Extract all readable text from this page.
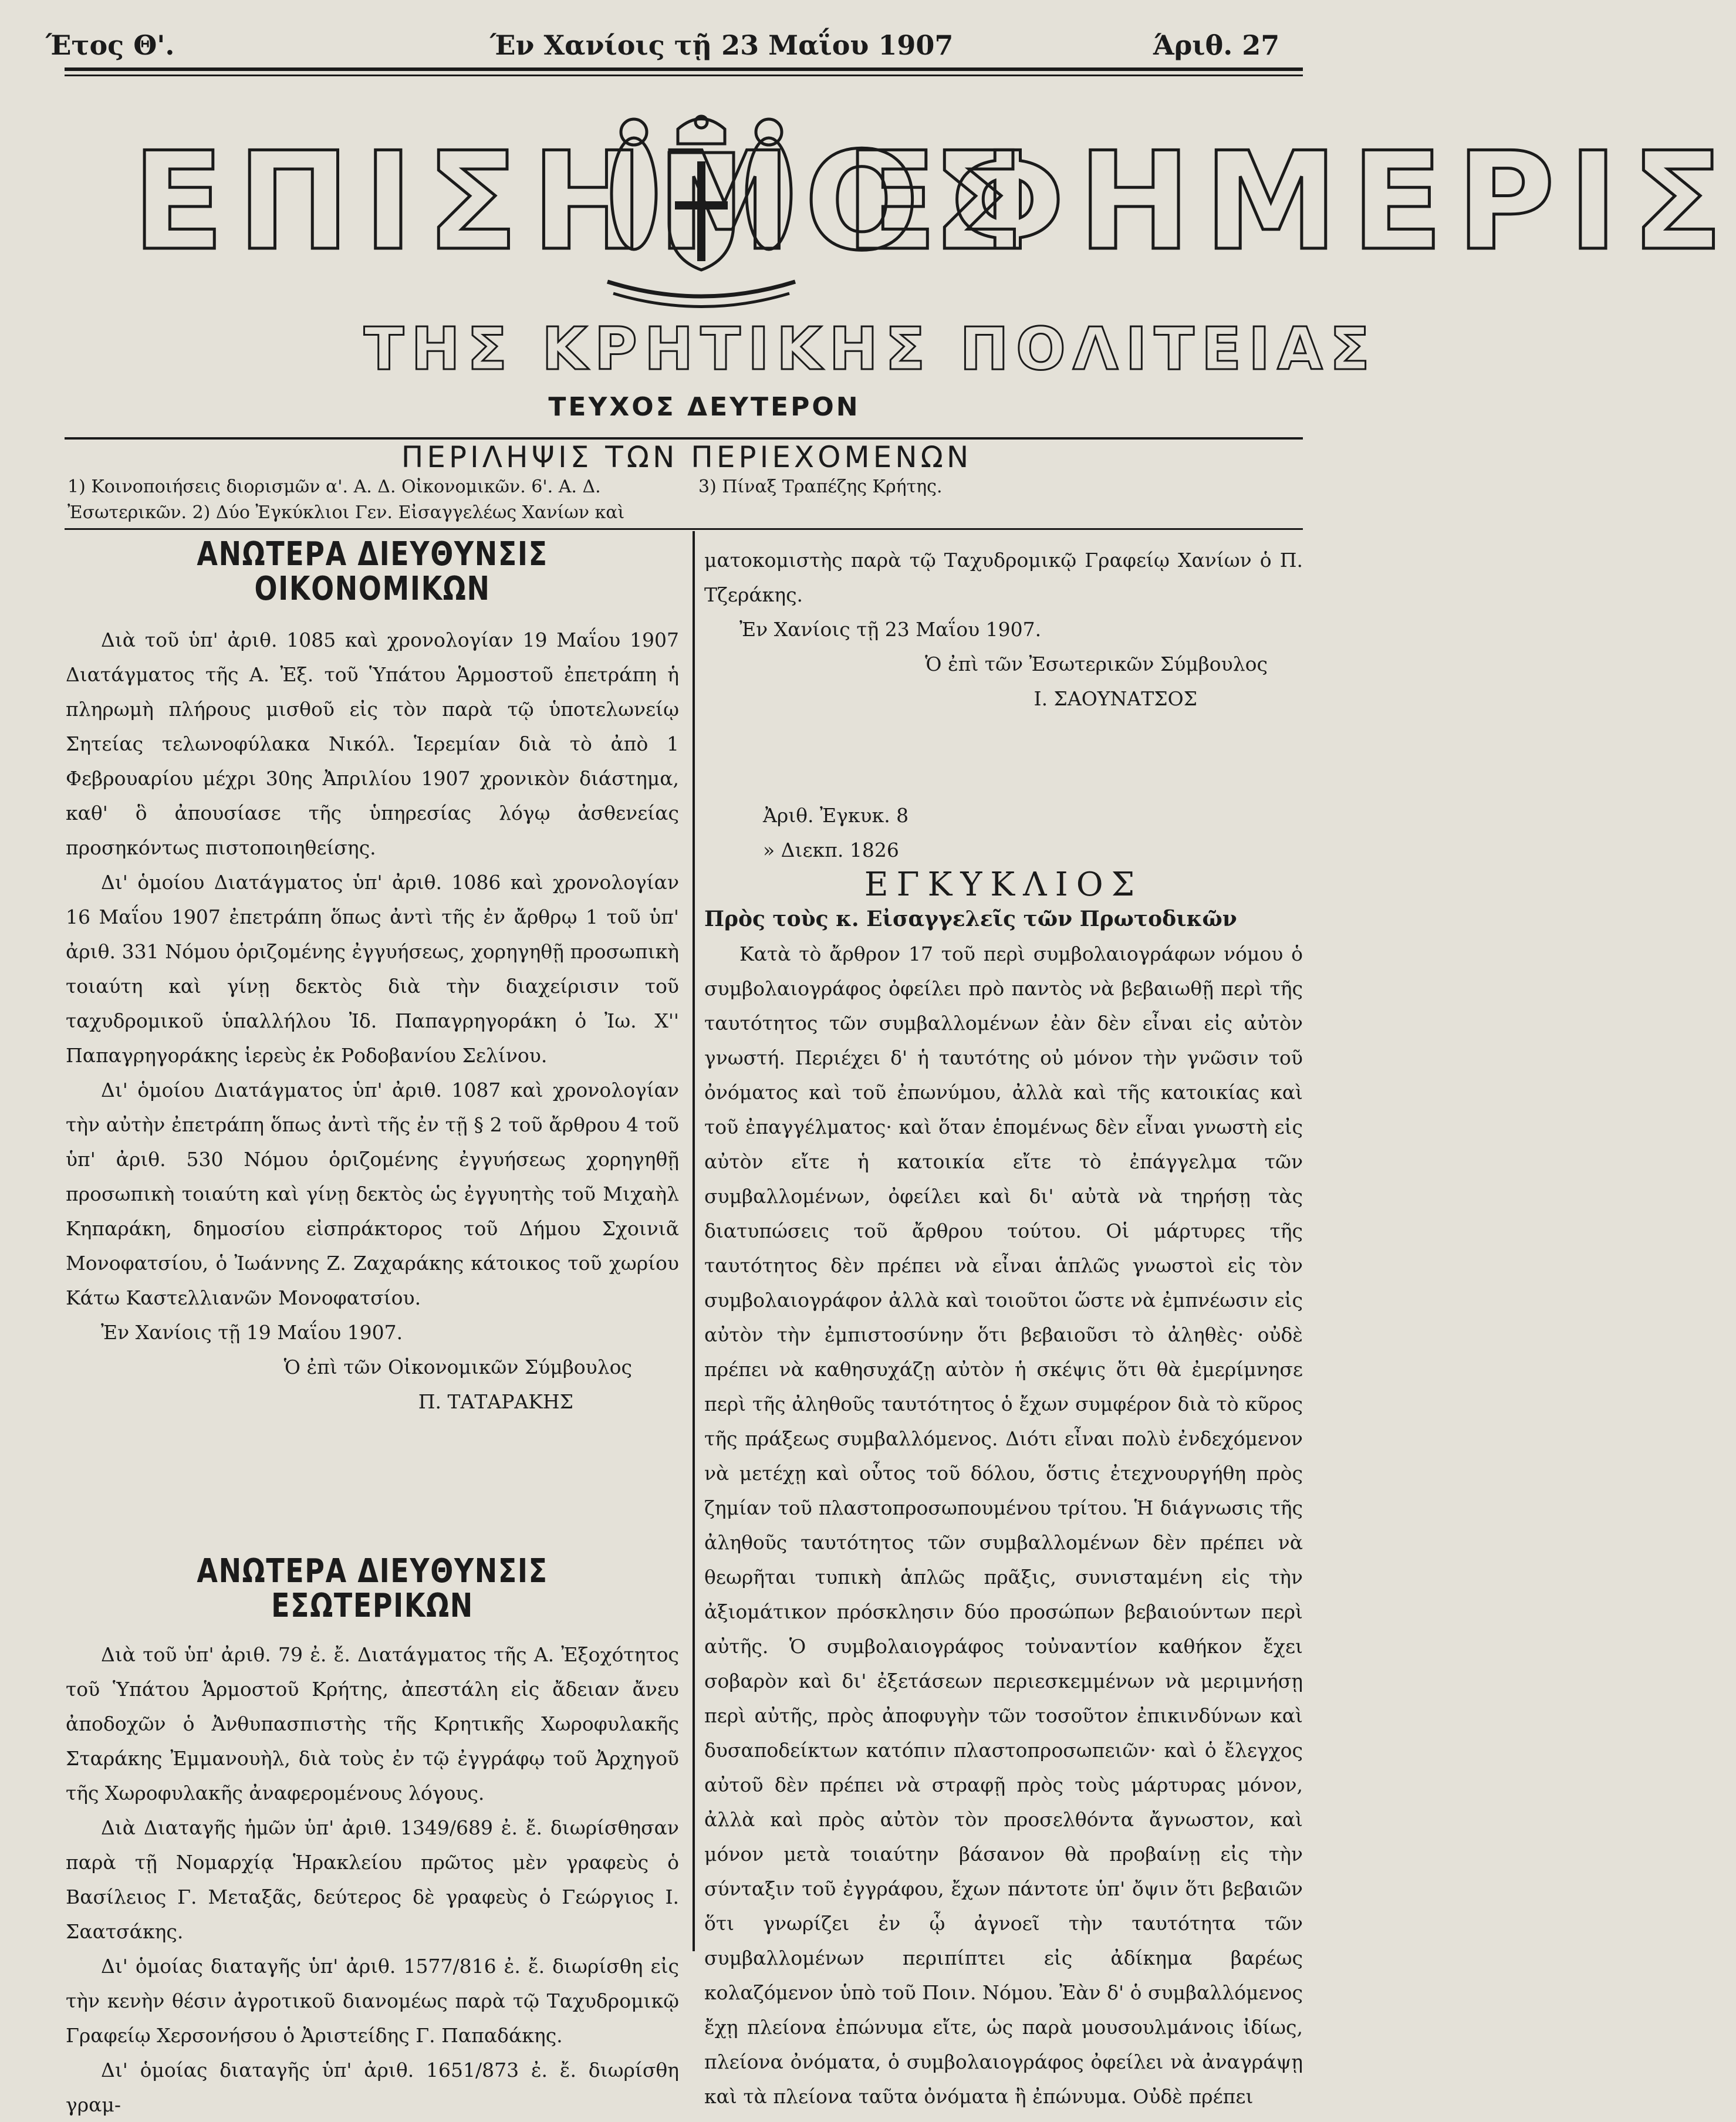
Έτος Θ'.	Έν Χανίοις τῇ 23 Μαΐου 1907	Άριθ. 27
ΕΠΙΣΗΜΟΣ
ΕΦΗΜΕΡΙΣ
ΤΗΣ ΚΡΗΤΙΚΗΣ ΠΟΛΙΤΕΙΑΣ
ΤΕΥΧΟΣ ΔΕΥΤΕΡΟΝ
ΠΕΡΙΛΗΨΙΣ ΤΩΝ ΠΕΡΙΕΧΟΜΕΝΩΝ
1) Κοινοποιήσεις διορισμῶν α'. Α. Δ. Οἰκονομικῶν. 6'. Α. Δ.
Ἐσωτερικῶν. 2) Δύο Ἐγκύκλιοι Γεν. Εἰσαγγελέως Χανίων καὶ
3) Πίναξ Τραπέζης Κρήτης.
ΑΝΩΤΕΡΑ ΔΙΕΥΘΥΝΣΙΣ ΟΙΚΟΝΟΜΙΚΩΝ

Διὰ τοῦ ὑπ' ἀριθ. 1085 καὶ χρονολογίαν 19 Μαΐου 1907 Διατάγματος τῆς Α. Ἐξ. τοῦ Ὑπάτου Ἁρμοστοῦ ἐπετράπη ἡ πληρωμὴ πλήρους μισθοῦ εἰς τὸν παρὰ τῷ ὑποτελωνείῳ Σητείας τελωνοφύλακα Νικόλ. Ἱερεμίαν διὰ τὸ ἀπὸ 1 Φεβρουαρίου μέχρι 30ης Ἀπριλίου 1907 χρονικὸν διάστημα, καθ' ὃ ἀπουσίασε τῆς ὑπηρεσίας λόγῳ ἀσθενείας προσηκόντως πιστοποιηθείσης.

Δι' ὁμοίου Διατάγματος ὑπ' ἀριθ. 1086 καὶ χρονολογίαν 16 Μαΐου 1907 ἐπετράπη ὅπως ἀντὶ τῆς ἐν ἄρθρῳ 1 τοῦ ὑπ' ἀριθ. 331 Νόμου ὁριζομένης ἐγγυήσεως, χορηγηθῇ προσωπικὴ τοιαύτη καὶ γίνῃ δεκτὸς διὰ τὴν διαχείρισιν τοῦ ταχυδρομικοῦ ὑπαλλήλου Ἰδ. Παπαγρηγοράκη ὁ Ἰω. Χ'' Παπαγρηγοράκης ἱερεὺς ἐκ Ροδοβανίου Σελίνου.

Δι' ὁμοίου Διατάγματος ὑπ' ἀριθ. 1087 καὶ χρονολογίαν τὴν αὐτὴν ἐπετράπη ὅπως ἀντὶ τῆς ἐν τῇ § 2 τοῦ ἄρθρου 4 τοῦ ὑπ' ἀριθ. 530 Νόμου ὁριζομένης ἐγγυήσεως χορηγηθῇ προσωπικὴ τοιαύτη καὶ γίνῃ δεκτὸς ὡς ἐγγυητὴς τοῦ Μιχαὴλ Κηπαράκη, δημοσίου εἰσπράκτορος τοῦ Δήμου Σχοινιᾶ Μονοφατσίου, ὁ Ἰωάννης Ζ. Ζαχαράκης κάτοικος τοῦ χωρίου Κάτω Καστελλιανῶν Μονοφατσίου.

Ἐν Χανίοις τῇ 19 Μαΐου 1907.

Ὁ ἐπὶ τῶν Οἰκονομικῶν Σύμβουλος

Π. ΤΑΤΑΡΑΚΗΣ

ΑΝΩΤΕΡΑ ΔΙΕΥΘΥΝΣΙΣ ΕΣΩΤΕΡΙΚΩΝ

Διὰ τοῦ ὑπ' ἀριθ. 79 ἐ. ἔ. Διατάγματος τῆς Α. Ἐξοχότητος τοῦ Ὑπάτου Ἁρμοστοῦ Κρήτης, ἀπεστάλη εἰς ἄδειαν ἄνευ ἀποδοχῶν ὁ Ἀνθυπασπιστὴς τῆς Κρητικῆς Χωροφυλακῆς Σταράκης Ἐμμανουὴλ, διὰ τοὺς ἐν τῷ ἐγγράφῳ τοῦ Ἀρχηγοῦ τῆς Χωροφυλακῆς ἀναφερομένους λόγους.

Διὰ Διαταγῆς ἡμῶν ὑπ' ἀριθ. 1349/689 ἐ. ἔ. διωρίσθησαν παρὰ τῇ Νομαρχίᾳ Ἡρακλείου πρῶτος μὲν γραφεὺς ὁ Βασίλειος Γ. Μεταξᾶς, δεύτερος δὲ γραφεὺς ὁ Γεώργιος Ι. Σαατσάκης.

Δι' ὁμοίας διαταγῆς ὑπ' ἀριθ. 1577/816 ἐ. ἔ. διωρίσθη εἰς τὴν κενὴν θέσιν ἀγροτικοῦ διανομέως παρὰ τῷ Ταχυδρομικῷ Γραφείῳ Χερσονήσου ὁ Ἀριστείδης Γ. Παπαδάκης.

Δι' ὁμοίας διαταγῆς ὑπ' ἀριθ. 1651/873 ἐ. ἔ. διωρίσθη γραμ-

ματοκομιστὴς παρὰ τῷ Ταχυδρομικῷ Γραφείῳ Χανίων ὁ Π. Τζεράκης.

Ἐν Χανίοις τῇ 23 Μαΐου 1907.

Ὁ ἐπὶ τῶν Ἐσωτερικῶν Σύμβουλος

Ι. ΣΑΟΥΝΑΤΣΟΣ

Ἀριθ. Ἐγκυκ. 8

» Διεκπ. 1826

ΕΓΚΥΚΛΙΟΣ

Πρὸς τοὺς κ. Εἰσαγγελεῖς τῶν Πρωτοδικῶν

Κατὰ τὸ ἄρθρον 17 τοῦ περὶ συμβολαιογράφων νόμου ὁ συμβολαιογράφος ὀφείλει πρὸ παντὸς νὰ βεβαιωθῇ περὶ τῆς ταυτότητος τῶν συμβαλλομένων ἐὰν δὲν εἶναι εἰς αὐτὸν γνωστή. Περιέχει δ' ἡ ταυτότης οὐ μόνον τὴν γνῶσιν τοῦ ὀνόματος καὶ τοῦ ἐπωνύμου, ἀλλὰ καὶ τῆς κατοικίας καὶ τοῦ ἐπαγγέλματος· καὶ ὅταν ἑπομένως δὲν εἶναι γνωστὴ εἰς αὐτὸν εἴτε ἡ κατοικία εἴτε τὸ ἐπάγγελμα τῶν συμβαλλομένων, ὀφείλει καὶ δι' αὐτὰ νὰ τηρήσῃ τὰς διατυπώσεις τοῦ ἄρθρου τούτου. Οἱ μάρτυρες τῆς ταυτότητος δὲν πρέπει νὰ εἶναι ἁπλῶς γνωστοὶ εἰς τὸν συμβολαιογράφον ἀλλὰ καὶ τοιοῦτοι ὥστε νὰ ἐμπνέωσιν εἰς αὐτὸν τὴν ἐμπιστοσύνην ὅτι βεβαιοῦσι τὸ ἀληθὲς· οὐδὲ πρέπει νὰ καθησυχάζῃ αὐτὸν ἡ σκέψις ὅτι θὰ ἐμερίμνησε περὶ τῆς ἀληθοῦς ταυτότητος ὁ ἔχων συμφέρον διὰ τὸ κῦρος τῆς πράξεως συμβαλλόμενος. Διότι εἶναι πολὺ ἐνδεχόμενον νὰ μετέχῃ καὶ οὗτος τοῦ δόλου, ὅστις ἐτεχνουργήθη πρὸς ζημίαν τοῦ πλαστοπροσωπουμένου τρίτου. Ἡ διάγνωσις τῆς ἀληθοῦς ταυτότητος τῶν συμβαλλομένων δὲν πρέπει νὰ θεωρῆται τυπικὴ ἁπλῶς πρᾶξις, συνισταμένη εἰς τὴν ἀξιομάτικον πρόσκλησιν δύο προσώπων βεβαιούντων περὶ αὐτῆς. Ὁ συμβολαιογράφος τοὐναντίον καθήκον ἔχει σοβαρὸν καὶ δι' ἐξετάσεων περιεσκεμμένων νὰ μεριμνήσῃ περὶ αὐτῆς, πρὸς ἀποφυγὴν τῶν τοσοῦτον ἐπικινδύνων καὶ δυσαποδείκτων κατόπιν πλαστοπροσωπειῶν· καὶ ὁ ἔλεγχος αὐτοῦ δὲν πρέπει νὰ στραφῇ πρὸς τοὺς μάρτυρας μόνον, ἀλλὰ καὶ πρὸς αὐτὸν τὸν προσελθόντα ἄγνωστον, καὶ μόνον μετὰ τοιαύτην βάσανον θὰ προβαίνῃ εἰς τὴν σύνταξιν τοῦ ἐγγράφου, ἔχων πάντοτε ὑπ' ὄψιν ὅτι βεβαιῶν ὅτι γνωρίζει ἐν ᾧ ἀγνοεῖ τὴν ταυτότητα τῶν συμβαλλομένων περιπίπτει εἰς ἀδίκημα βαρέως κολαζόμενον ὑπὸ τοῦ Ποιν. Νόμου. Ἐὰν δ' ὁ συμβαλλόμενος ἔχῃ πλείονα ἐπώνυμα εἴτε, ὡς παρὰ μουσουλμάνοις ἰδίως, πλείονα ὀνόματα, ὁ συμβολαιογράφος ὀφείλει νὰ ἀναγράψῃ καὶ τὰ πλείονα ταῦτα ὀνόματα ἢ ἐπώνυμα. Οὐδὲ πρέπει
